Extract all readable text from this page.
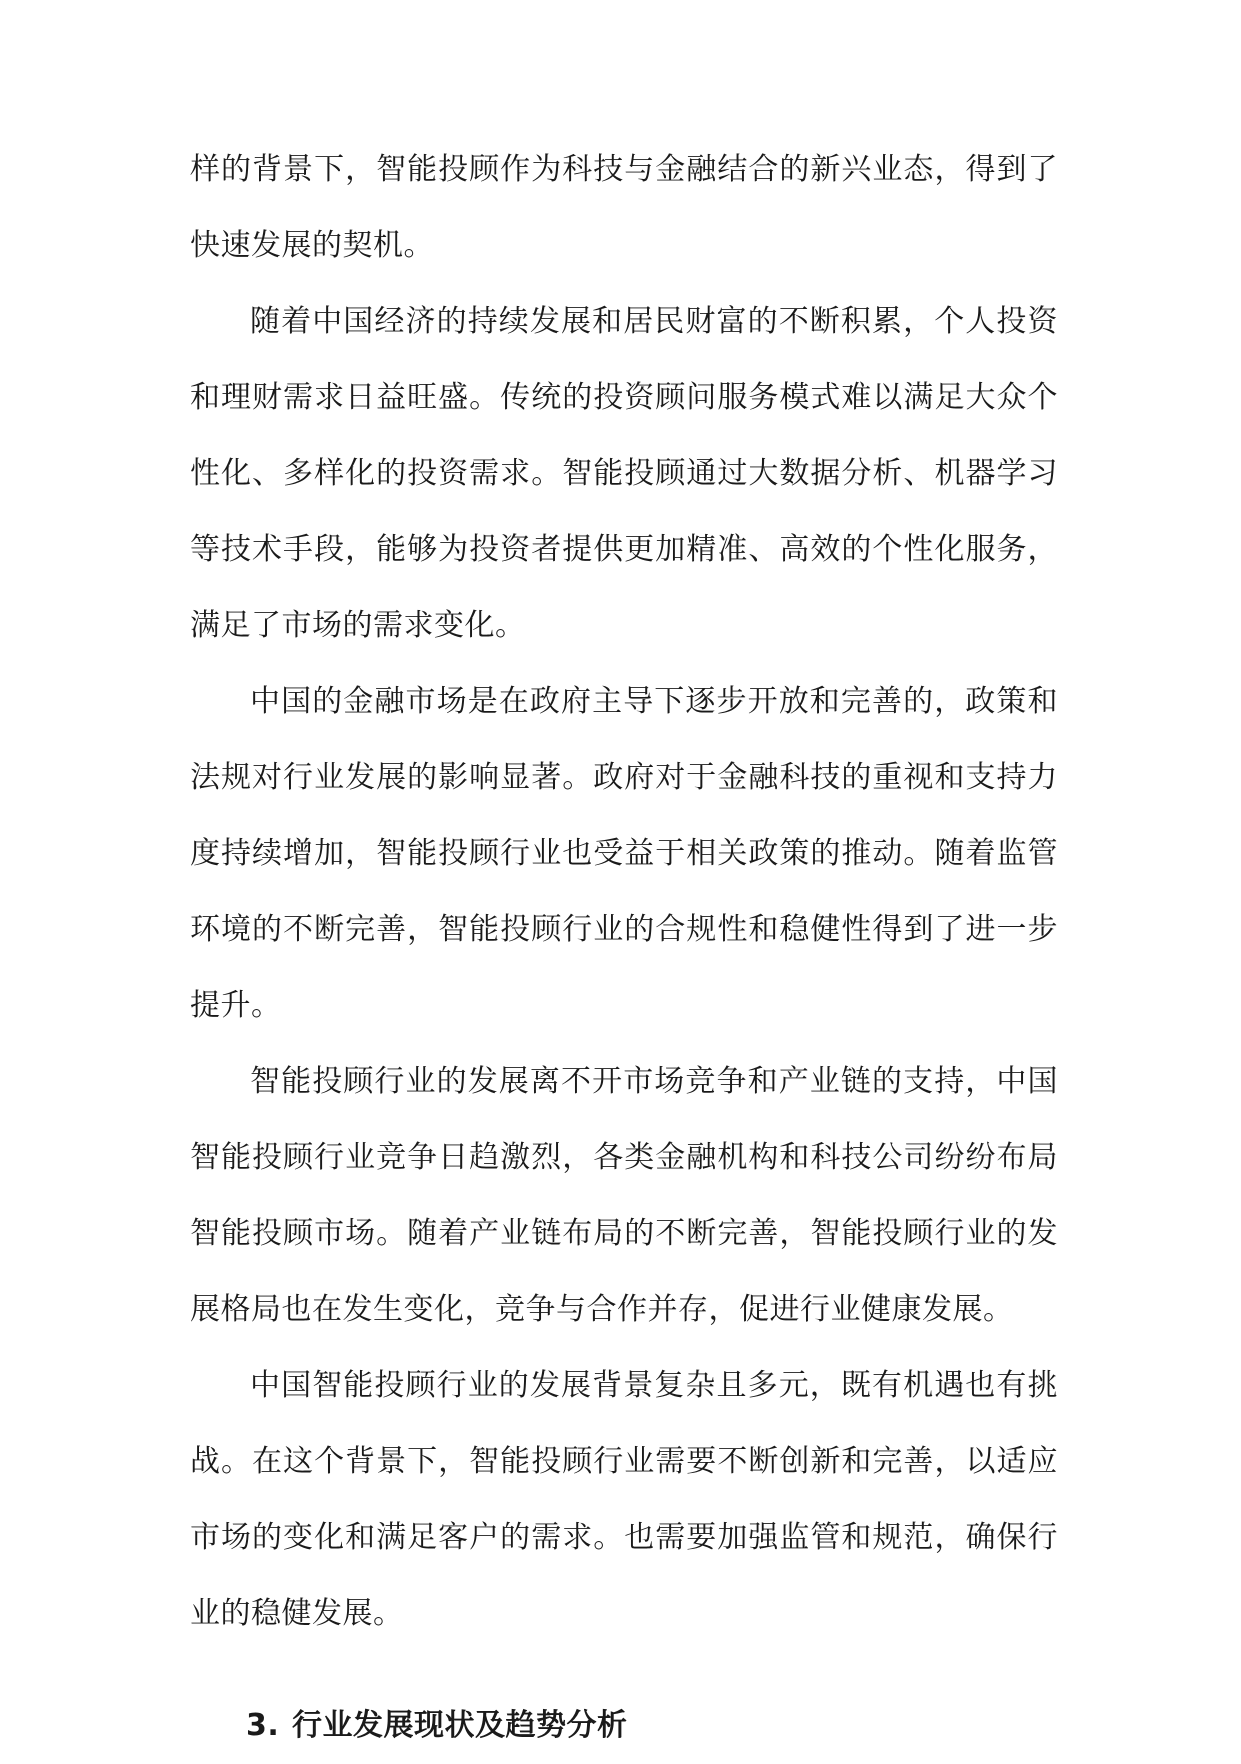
样的背景下，智能投顾作为科技与金融结合的新兴业态，得到了快速发展的契机。

随着中国经济的持续发展和居民财富的不断积累，个人投资和理财需求日益旺盛。传统的投资顾问服务模式难以满足大众个性化、多样化的投资需求。智能投顾通过大数据分析、机器学习等技术手段，能够为投资者提供更加精准、高效的个性化服务，满足了市场的需求变化。

中国的金融市场是在政府主导下逐步开放和完善的，政策和法规对行业发展的影响显著。政府对于金融科技的重视和支持力度持续增加，智能投顾行业也受益于相关政策的推动。随着监管环境的不断完善，智能投顾行业的合规性和稳健性得到了进一步提升。

智能投顾行业的发展离不开市场竞争和产业链的支持，中国智能投顾行业竞争日趋激烈，各类金融机构和科技公司纷纷布局智能投顾市场。随着产业链布局的不断完善，智能投顾行业的发展格局也在发生变化，竞争与合作并存，促进行业健康发展。

中国智能投顾行业的发展背景复杂且多元，既有机遇也有挑战。在这个背景下，智能投顾行业需要不断创新和完善，以适应市场的变化和满足客户的需求。也需要加强监管和规范，确保行业的稳健发展。

3. 行业发展现状及趋势分析
